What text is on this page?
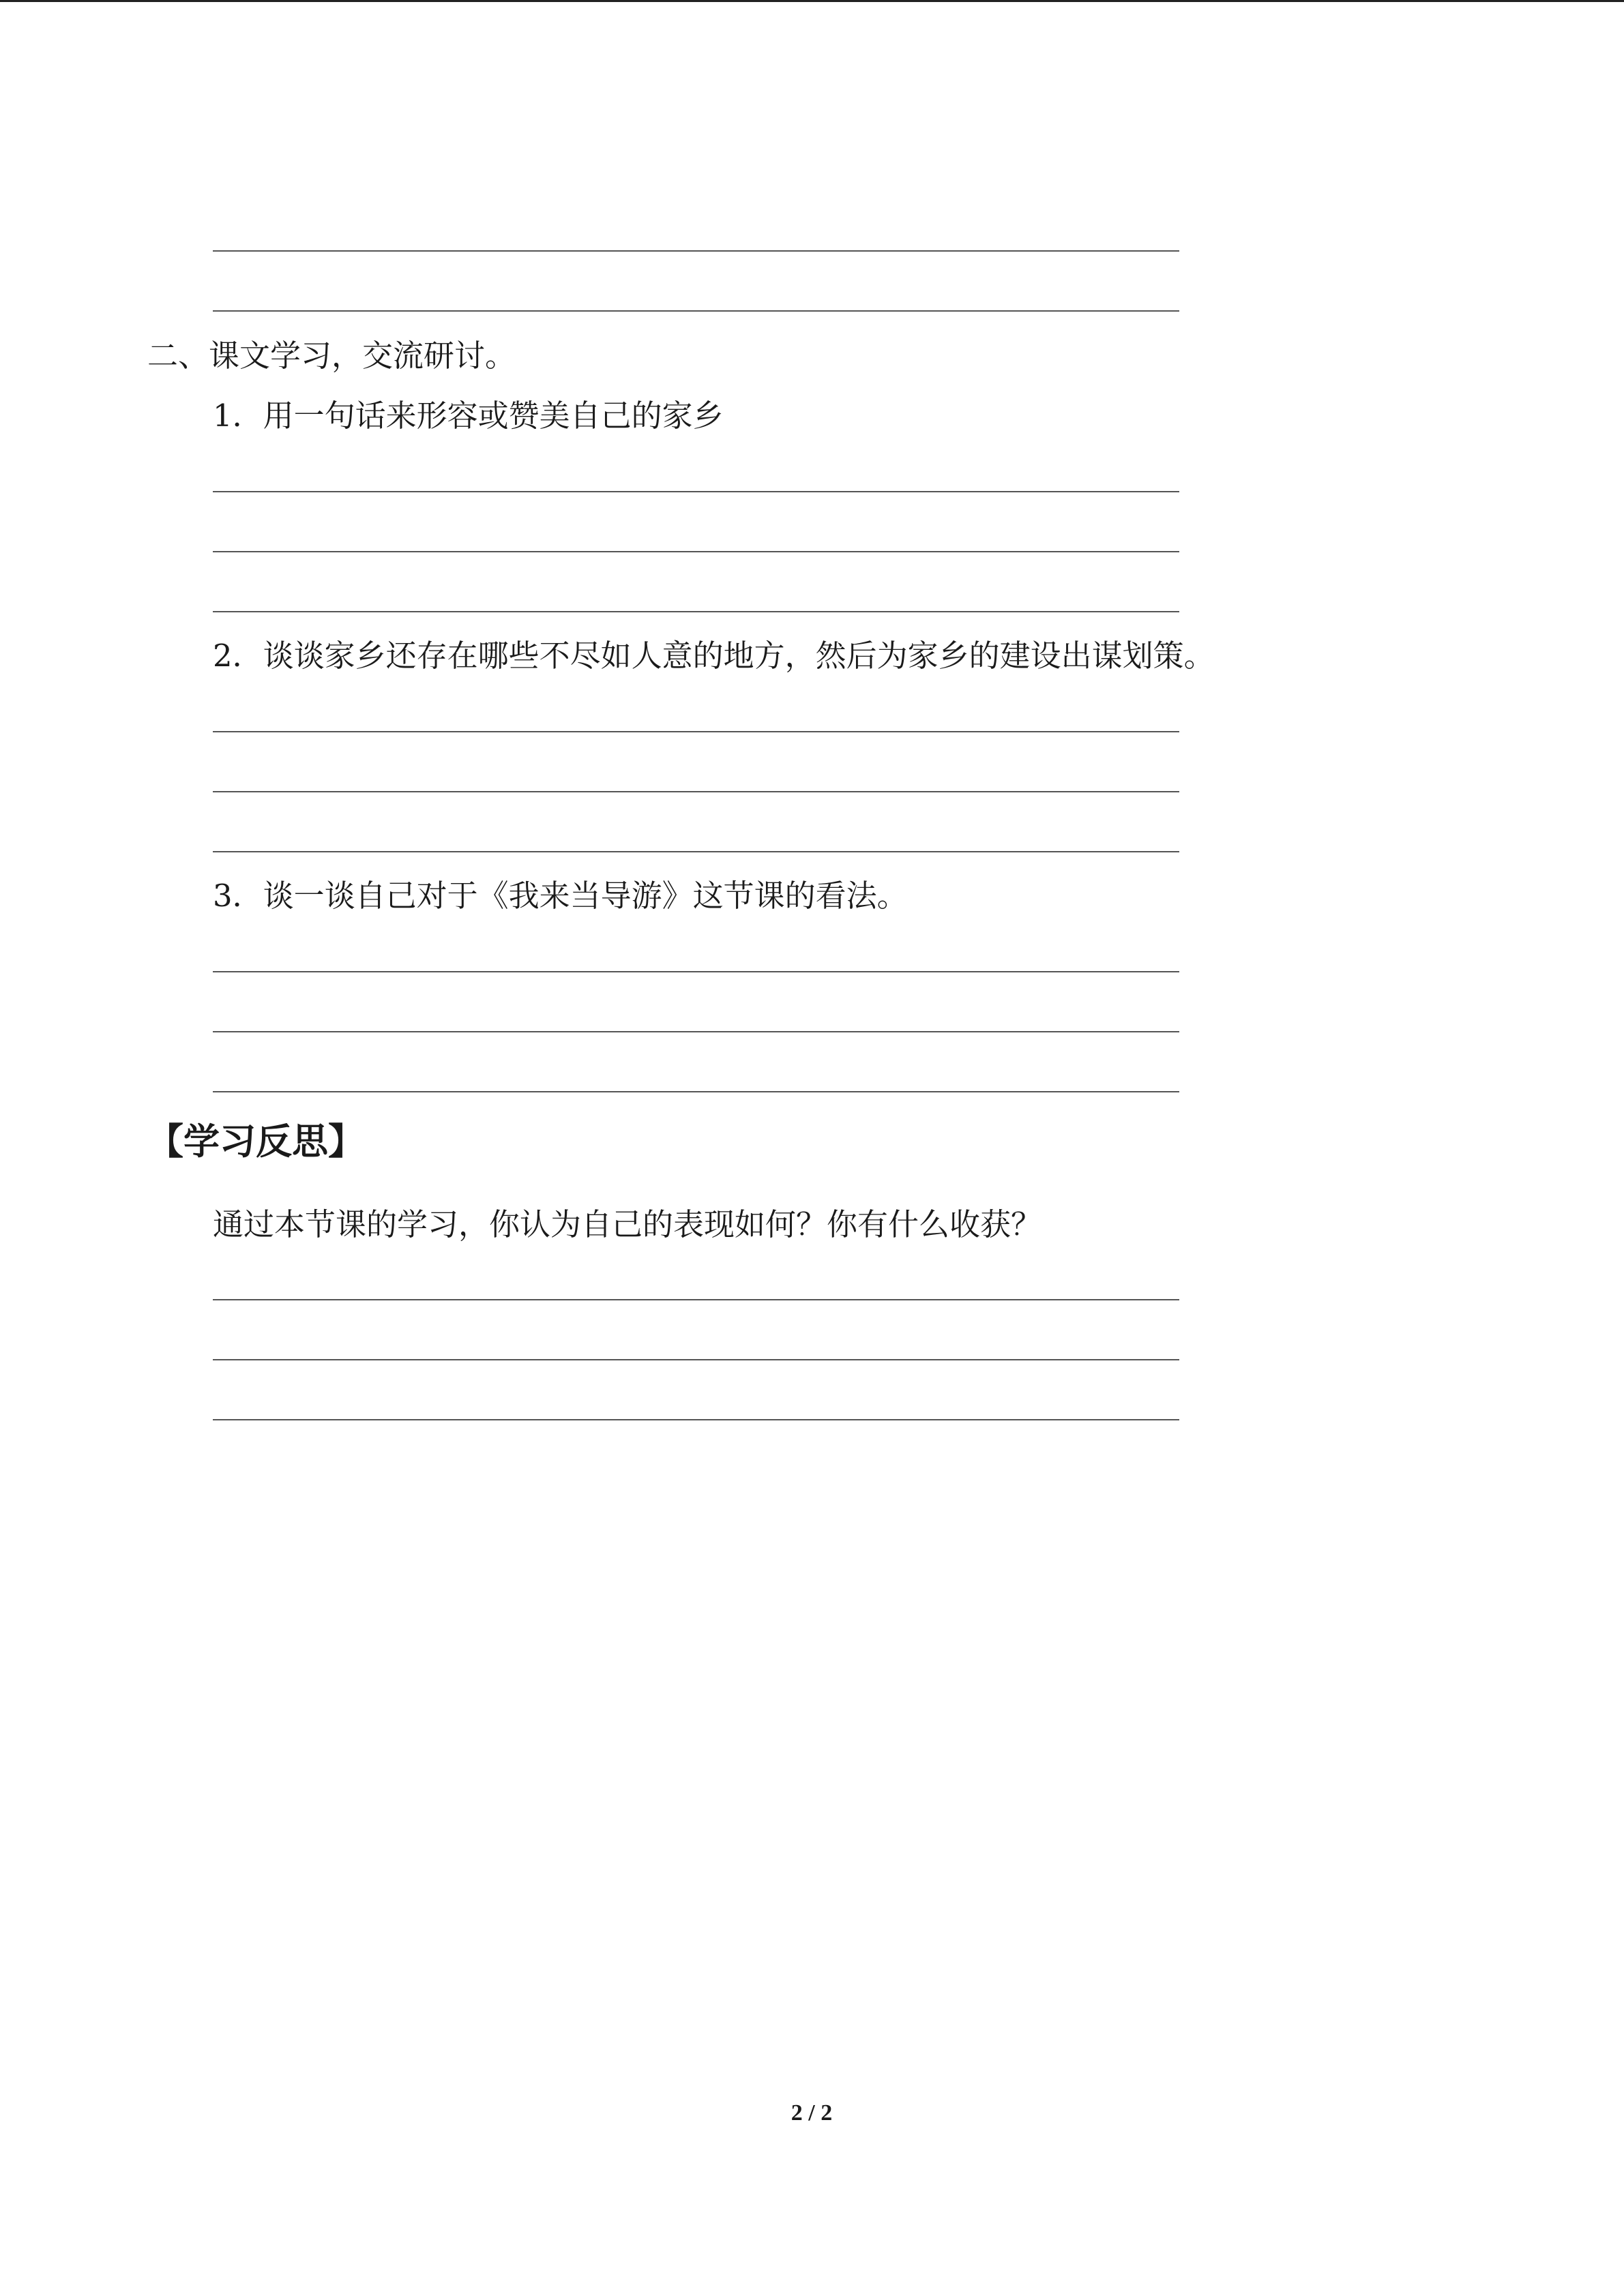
二、课文学习，交流研讨。
1．用一句话来形容或赞美自己的家乡
2．谈谈家乡还存在哪些不尽如人意的地方，然后为家乡的建设出谋划策。
3．谈一谈自己对于《我来当导游》这节课的看法。
【学习反思】
通过本节课的学习，你认为自己的表现如何？你有什么收获？
2 / 2
